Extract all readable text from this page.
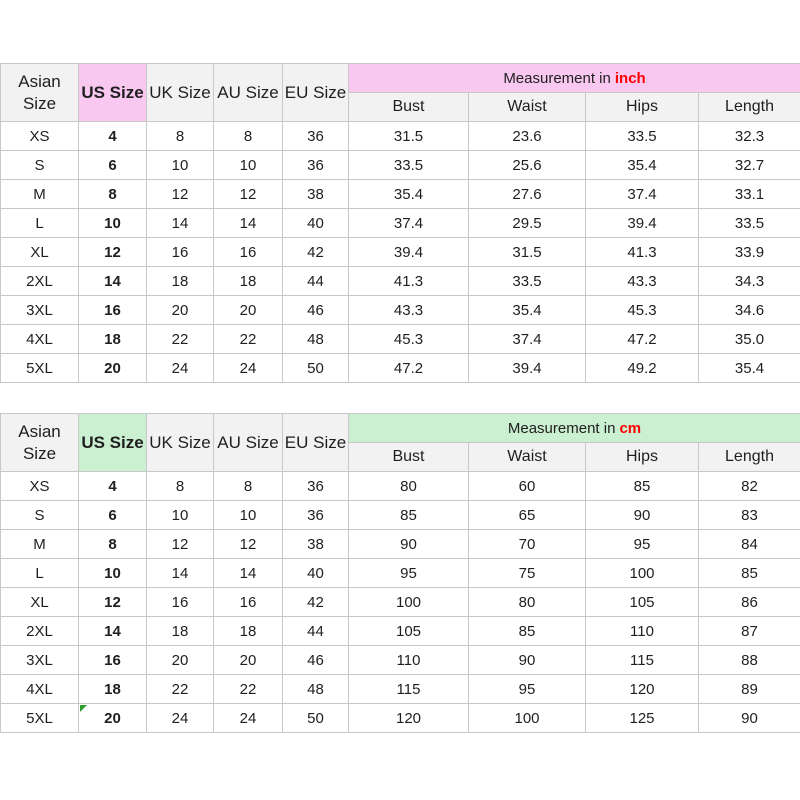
Asian Size	US Size	UK Size	AU Size	EU Size	Measurement in inch			
					Bust	Waist	Hips	Length
XS	4	8	8	36	31.5	23.6	33.5	32.3
S	6	10	10	36	33.5	25.6	35.4	32.7
M	8	12	12	38	35.4	27.6	37.4	33.1
L	10	14	14	40	37.4	29.5	39.4	33.5
XL	12	16	16	42	39.4	31.5	41.3	33.9
2XL	14	18	18	44	41.3	33.5	43.3	34.3
3XL	16	20	20	46	43.3	35.4	45.3	34.6
4XL	18	22	22	48	45.3	37.4	47.2	35.0
5XL	20	24	24	50	47.2	39.4	49.2	35.4
Asian Size	US Size	UK Size	AU Size	EU Size	Measurement in cm			
					Bust	Waist	Hips	Length
XS	4	8	8	36	80	60	85	82
S	6	10	10	36	85	65	90	83
M	8	12	12	38	90	70	95	84
L	10	14	14	40	95	75	100	85
XL	12	16	16	42	100	80	105	86
2XL	14	18	18	44	105	85	110	87
3XL	16	20	20	46	110	90	115	88
4XL	18	22	22	48	115	95	120	89
5XL	20	24	24	50	120	100	125	90
